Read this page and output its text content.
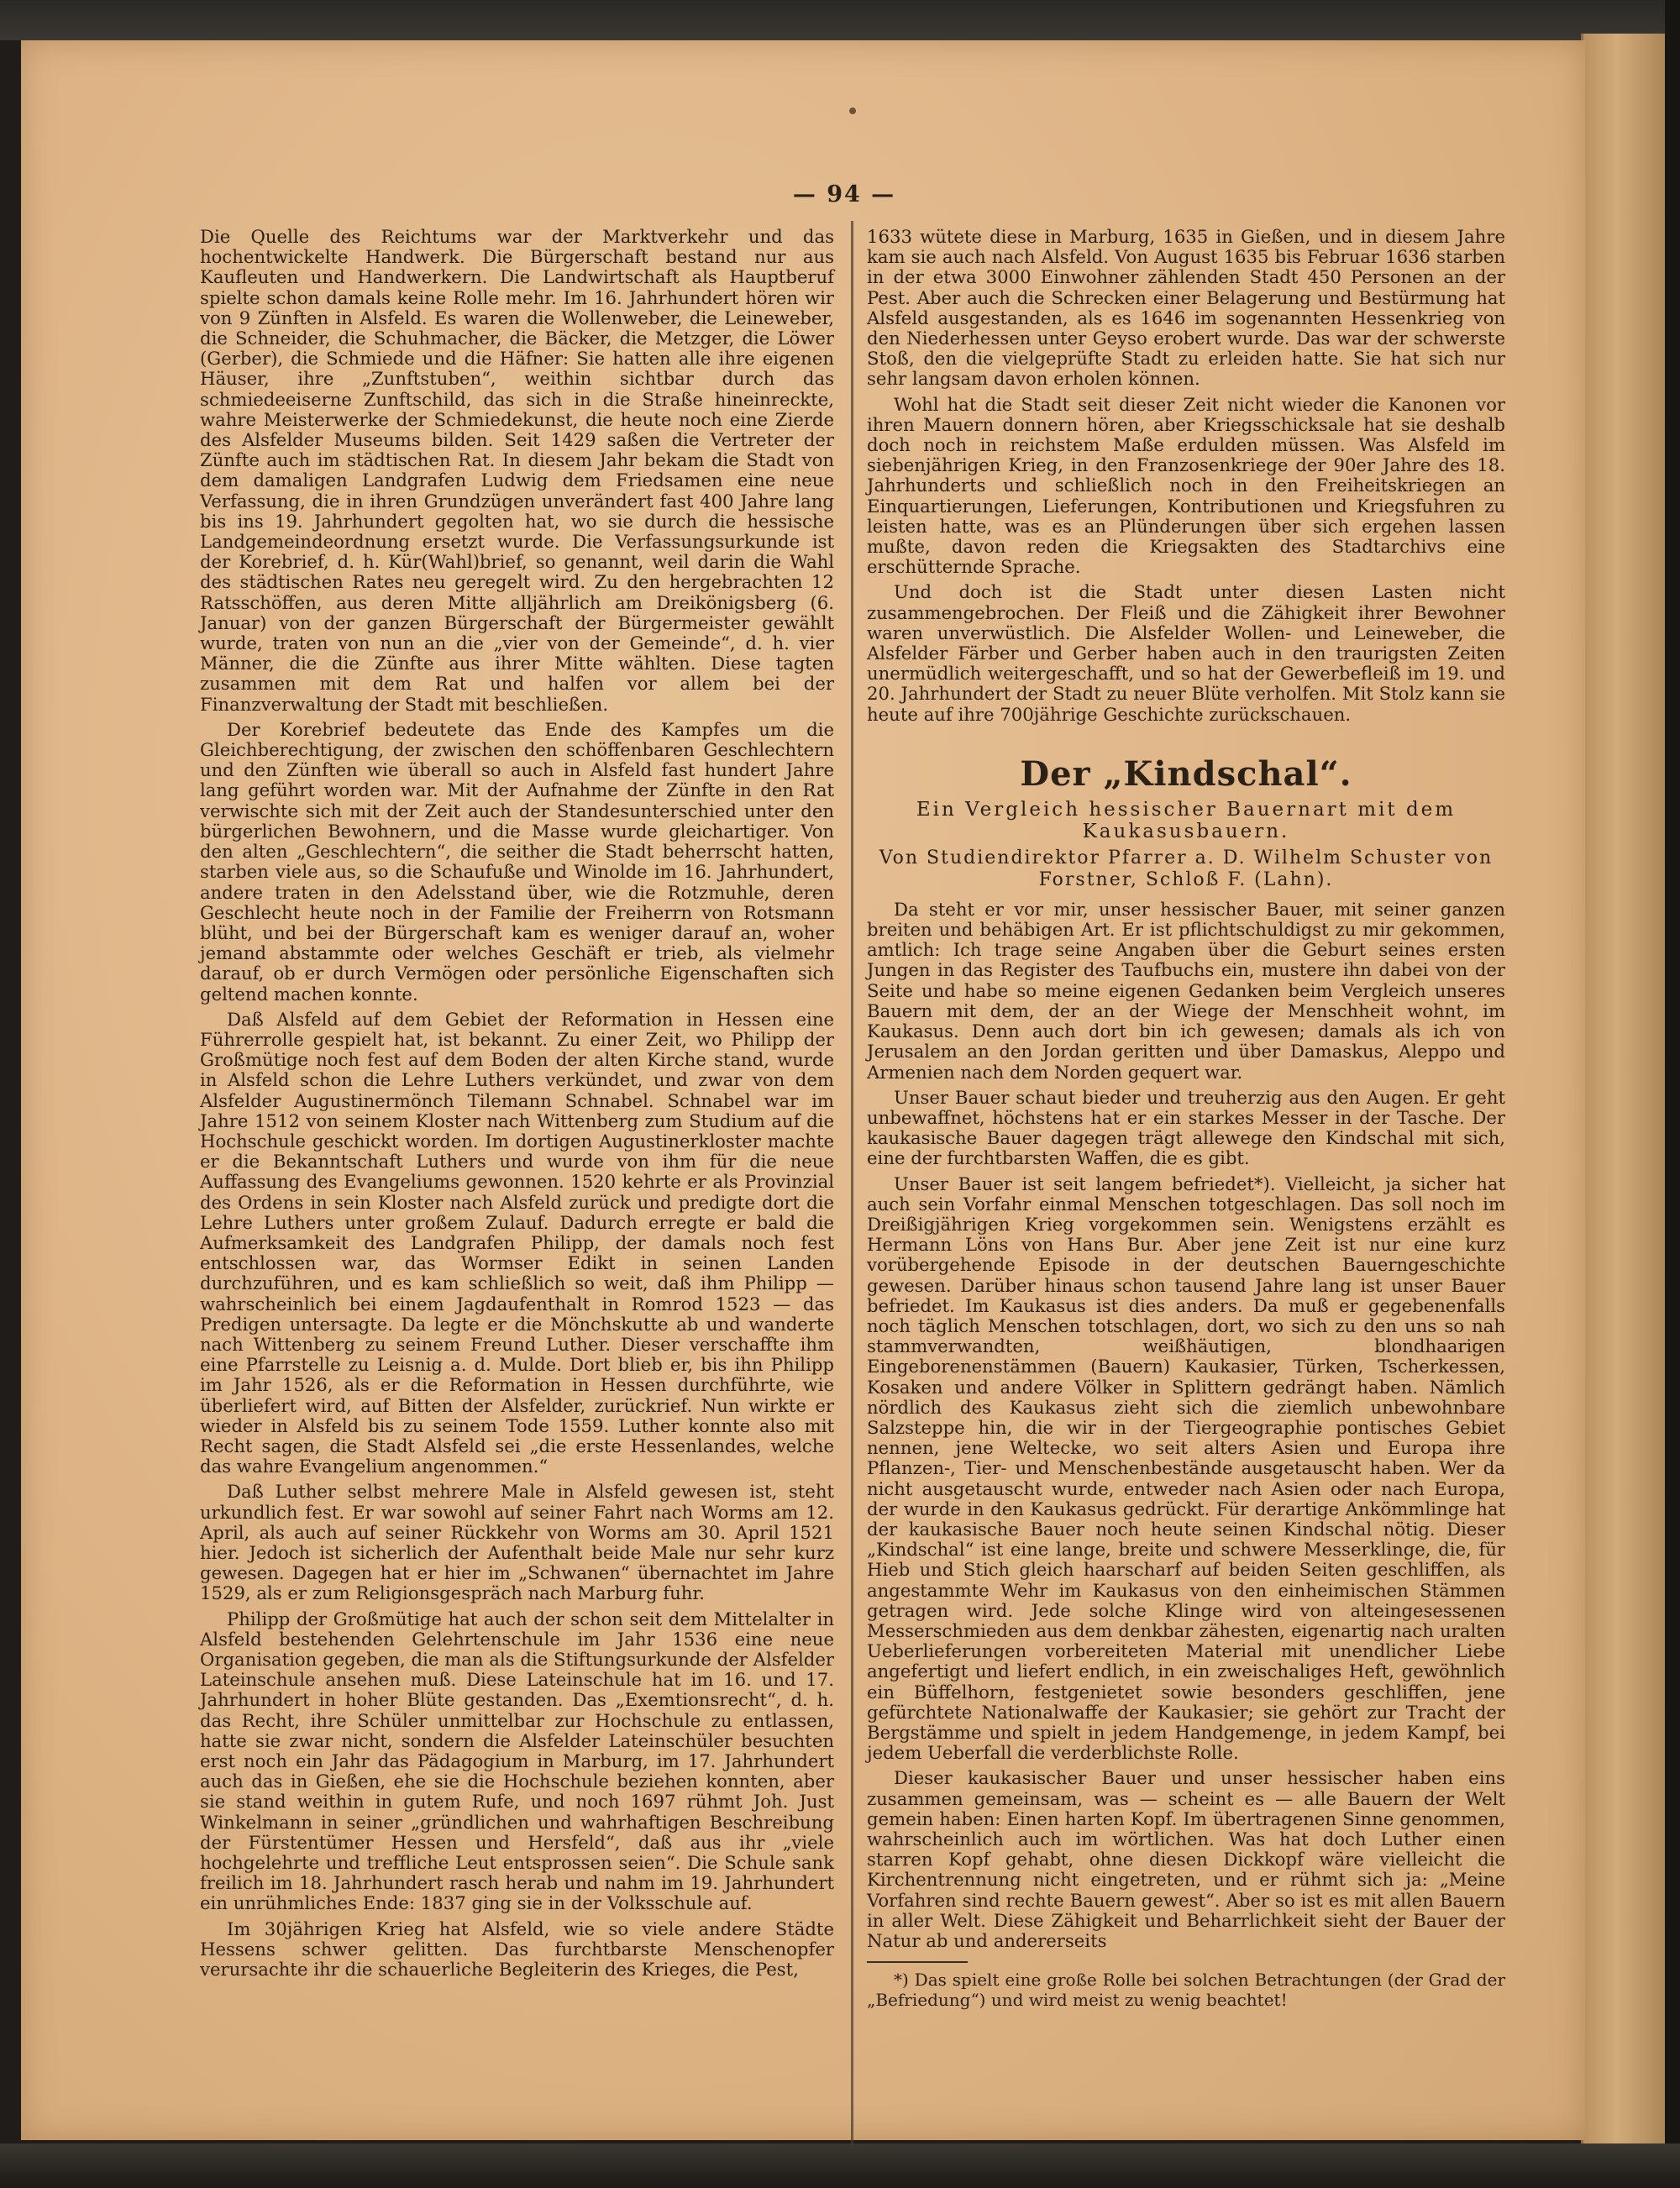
— 94 —

Die Quelle des Reichtums war der Marktverkehr und das hochentwickelte Handwerk. Die Bürgerschaft bestand nur aus Kaufleuten und Handwerkern. Die Landwirtschaft als Hauptberuf spielte schon damals keine Rolle mehr. Im 16. Jahrhundert hören wir von 9 Zünften in Alsfeld. Es waren die Wollenweber, die Leineweber, die Schneider, die Schuhmacher, die Bäcker, die Metzger, die Löwer (Gerber), die Schmiede und die Häfner: Sie hatten alle ihre eigenen Häuser, ihre „Zunftstuben“, weithin sichtbar durch das schmiedeeiserne Zunftschild, das sich in die Straße hineinreckte, wahre Meisterwerke der Schmiedekunst, die heute noch eine Zierde des Alsfelder Museums bilden. Seit 1429 saßen die Vertreter der Zünfte auch im städtischen Rat. In diesem Jahr bekam die Stadt von dem damaligen Landgrafen Ludwig dem Friedsamen eine neue Verfassung, die in ihren Grundzügen unverändert fast 400 Jahre lang bis ins 19. Jahrhundert gegolten hat, wo sie durch die hessische Landgemeindeordnung ersetzt wurde. Die Verfassungsurkunde ist der Korebrief, d. h. Kür(Wahl)brief, so genannt, weil darin die Wahl des städtischen Rates neu geregelt wird. Zu den hergebrachten 12 Ratsschöffen, aus deren Mitte alljährlich am Dreikönigsberg (6. Januar) von der ganzen Bürgerschaft der Bürgermeister gewählt wurde, traten von nun an die „vier von der Gemeinde“, d. h. vier Männer, die die Zünfte aus ihrer Mitte wählten. Diese tagten zusammen mit dem Rat und halfen vor allem bei der Finanzverwaltung der Stadt mit beschließen.

Der Korebrief bedeutete das Ende des Kampfes um die Gleichberechtigung, der zwischen den schöffenbaren Geschlechtern und den Zünften wie überall so auch in Alsfeld fast hundert Jahre lang geführt worden war. Mit der Aufnahme der Zünfte in den Rat verwischte sich mit der Zeit auch der Standesunterschied unter den bürgerlichen Bewohnern, und die Masse wurde gleichartiger. Von den alten „Geschlechtern“, die seither die Stadt beherrscht hatten, starben viele aus, so die Schaufuße und Winolde im 16. Jahrhundert, andere traten in den Adelsstand über, wie die Rotzmuhle, deren Geschlecht heute noch in der Familie der Freiherrn von Rotsmann blüht, und bei der Bürgerschaft kam es weniger darauf an, woher jemand abstammte oder welches Geschäft er trieb, als vielmehr darauf, ob er durch Vermögen oder persönliche Eigenschaften sich geltend machen konnte.

Daß Alsfeld auf dem Gebiet der Reformation in Hessen eine Führerrolle gespielt hat, ist bekannt. Zu einer Zeit, wo Philipp der Großmütige noch fest auf dem Boden der alten Kirche stand, wurde in Alsfeld schon die Lehre Luthers verkündet, und zwar von dem Alsfelder Augustinermönch Tilemann Schnabel. Schnabel war im Jahre 1512 von seinem Kloster nach Wittenberg zum Studium auf die Hochschule geschickt worden. Im dortigen Augustinerkloster machte er die Bekanntschaft Luthers und wurde von ihm für die neue Auffassung des Evangeliums gewonnen. 1520 kehrte er als Provinzial des Ordens in sein Kloster nach Alsfeld zurück und predigte dort die Lehre Luthers unter großem Zulauf. Dadurch erregte er bald die Aufmerksamkeit des Landgrafen Philipp, der damals noch fest entschlossen war, das Wormser Edikt in seinen Landen durchzuführen, und es kam schließlich so weit, daß ihm Philipp — wahrscheinlich bei einem Jagdaufenthalt in Romrod 1523 — das Predigen untersagte. Da legte er die Mönchskutte ab und wanderte nach Wittenberg zu seinem Freund Luther. Dieser verschaffte ihm eine Pfarrstelle zu Leisnig a. d. Mulde. Dort blieb er, bis ihn Philipp im Jahr 1526, als er die Reformation in Hessen durchführte, wie überliefert wird, auf Bitten der Alsfelder, zurückrief. Nun wirkte er wieder in Alsfeld bis zu seinem Tode 1559. Luther konnte also mit Recht sagen, die Stadt Alsfeld sei „die erste Hessenlandes, welche das wahre Evangelium angenommen.“

Daß Luther selbst mehrere Male in Alsfeld gewesen ist, steht urkundlich fest. Er war sowohl auf seiner Fahrt nach Worms am 12. April, als auch auf seiner Rückkehr von Worms am 30. April 1521 hier. Jedoch ist sicherlich der Aufenthalt beide Male nur sehr kurz gewesen. Dagegen hat er hier im „Schwanen“ übernachtet im Jahre 1529, als er zum Religionsgespräch nach Marburg fuhr.

Philipp der Großmütige hat auch der schon seit dem Mittelalter in Alsfeld bestehenden Gelehrtenschule im Jahr 1536 eine neue Organisation gegeben, die man als die Stiftungsurkunde der Alsfelder Lateinschule ansehen muß. Diese Lateinschule hat im 16. und 17. Jahrhundert in hoher Blüte gestanden. Das „Exemtionsrecht“, d. h. das Recht, ihre Schüler unmittelbar zur Hochschule zu entlassen, hatte sie zwar nicht, sondern die Alsfelder Lateinschüler besuchten erst noch ein Jahr das Pädagogium in Marburg, im 17. Jahrhundert auch das in Gießen, ehe sie die Hochschule beziehen konnten, aber sie stand weithin in gutem Rufe, und noch 1697 rühmt Joh. Just Winkelmann in seiner „gründlichen und wahrhaftigen Beschreibung der Fürstentümer Hessen und Hersfeld“, daß aus ihr „viele hochgelehrte und treffliche Leut entsprossen seien“. Die Schule sank freilich im 18. Jahrhundert rasch herab und nahm im 19. Jahrhundert ein unrühmliches Ende: 1837 ging sie in der Volksschule auf.

Im 30jährigen Krieg hat Alsfeld, wie so viele andere Städte Hessens schwer gelitten. Das furchtbarste Menschenopfer verursachte ihr die schauerliche Begleiterin des Krieges, die Pest,

1633 wütete diese in Marburg, 1635 in Gießen, und in diesem Jahre kam sie auch nach Alsfeld. Von August 1635 bis Februar 1636 starben in der etwa 3000 Einwohner zählenden Stadt 450 Personen an der Pest. Aber auch die Schrecken einer Belagerung und Bestürmung hat Alsfeld ausgestanden, als es 1646 im sogenannten Hessenkrieg von den Niederhessen unter Geyso erobert wurde. Das war der schwerste Stoß, den die vielgeprüfte Stadt zu erleiden hatte. Sie hat sich nur sehr langsam davon erholen können.

Wohl hat die Stadt seit dieser Zeit nicht wieder die Kanonen vor ihren Mauern donnern hören, aber Kriegsschicksale hat sie deshalb doch noch in reichstem Maße erdulden müssen. Was Alsfeld im siebenjährigen Krieg, in den Franzosenkriege der 90er Jahre des 18. Jahrhunderts und schließlich noch in den Freiheitskriegen an Einquartierungen, Lieferungen, Kontributionen und Kriegsfuhren zu leisten hatte, was es an Plünderungen über sich ergehen lassen mußte, davon reden die Kriegsakten des Stadtarchivs eine erschütternde Sprache.

Und doch ist die Stadt unter diesen Lasten nicht zusammengebrochen. Der Fleiß und die Zähigkeit ihrer Bewohner waren unverwüstlich. Die Alsfelder Wollen- und Leineweber, die Alsfelder Färber und Gerber haben auch in den traurigsten Zeiten unermüdlich weitergeschafft, und so hat der Gewerbefleiß im 19. und 20. Jahrhundert der Stadt zu neuer Blüte verholfen. Mit Stolz kann sie heute auf ihre 700jährige Geschichte zurückschauen.

Der „Kindschal“.
Ein Vergleich hessischer Bauernart mit dem Kaukasusbauern.
Von Studiendirektor Pfarrer a. D. Wilhelm Schuster von Forstner, Schloß F. (Lahn).

Da steht er vor mir, unser hessischer Bauer, mit seiner ganzen breiten und behäbigen Art. Er ist pflichtschuldigst zu mir gekommen, amtlich: Ich trage seine Angaben über die Geburt seines ersten Jungen in das Register des Taufbuchs ein, mustere ihn dabei von der Seite und habe so meine eigenen Gedanken beim Vergleich unseres Bauern mit dem, der an der Wiege der Menschheit wohnt, im Kaukasus. Denn auch dort bin ich gewesen; damals als ich von Jerusalem an den Jordan geritten und über Damaskus, Aleppo und Armenien nach dem Norden gequert war.

Unser Bauer schaut bieder und treuherzig aus den Augen. Er geht unbewaffnet, höchstens hat er ein starkes Messer in der Tasche. Der kaukasische Bauer dagegen trägt allewege den Kindschal mit sich, eine der furchtbarsten Waffen, die es gibt.

Unser Bauer ist seit langem befriedet*). Vielleicht, ja sicher hat auch sein Vorfahr einmal Menschen totgeschlagen. Das soll noch im Dreißigjährigen Krieg vorgekommen sein. Wenigstens erzählt es Hermann Löns von Hans Bur. Aber jene Zeit ist nur eine kurz vorübergehende Episode in der deutschen Bauerngeschichte gewesen. Darüber hinaus schon tausend Jahre lang ist unser Bauer befriedet. Im Kaukasus ist dies anders. Da muß er gegebenenfalls noch täglich Menschen totschlagen, dort, wo sich zu den uns so nah stammverwandten, weißhäutigen, blondhaarigen Eingeborenenstämmen (Bauern) Kaukasier, Türken, Tscherkessen, Kosaken und andere Völker in Splittern gedrängt haben. Nämlich nördlich des Kaukasus zieht sich die ziemlich unbewohnbare Salzsteppe hin, die wir in der Tiergeographie pontisches Gebiet nennen, jene Weltecke, wo seit alters Asien und Europa ihre Pflanzen-, Tier- und Menschenbestände ausgetauscht haben. Wer da nicht ausgetauscht wurde, entweder nach Asien oder nach Europa, der wurde in den Kaukasus gedrückt. Für derartige Ankömmlinge hat der kaukasische Bauer noch heute seinen Kindschal nötig. Dieser „Kindschal“ ist eine lange, breite und schwere Messerklinge, die, für Hieb und Stich gleich haarscharf auf beiden Seiten geschliffen, als angestammte Wehr im Kaukasus von den einheimischen Stämmen getragen wird. Jede solche Klinge wird von alteingesessenen Messerschmieden aus dem denkbar zähesten, eigenartig nach uralten Ueberlieferungen vorbereiteten Material mit unendlicher Liebe angefertigt und liefert endlich, in ein zweischaliges Heft, gewöhnlich ein Büffelhorn, festgenietet sowie besonders geschliffen, jene gefürchtete Nationalwaffe der Kaukasier; sie gehört zur Tracht der Bergstämme und spielt in jedem Handgemenge, in jedem Kampf, bei jedem Ueberfall die verderblichste Rolle.

Dieser kaukasischer Bauer und unser hessischer haben eins zusammen gemeinsam, was — scheint es — alle Bauern der Welt gemein haben: Einen harten Kopf. Im übertragenen Sinne genommen, wahrscheinlich auch im wörtlichen. Was hat doch Luther einen starren Kopf gehabt, ohne diesen Dickkopf wäre vielleicht die Kirchentrennung nicht eingetreten, und er rühmt sich ja: „Meine Vorfahren sind rechte Bauern gewest“. Aber so ist es mit allen Bauern in aller Welt. Diese Zähigkeit und Beharrlichkeit sieht der Bauer der Natur ab und andererseits

*) Das spielt eine große Rolle bei solchen Betrachtungen (der Grad der „Befriedung“) und wird meist zu wenig beachtet!
